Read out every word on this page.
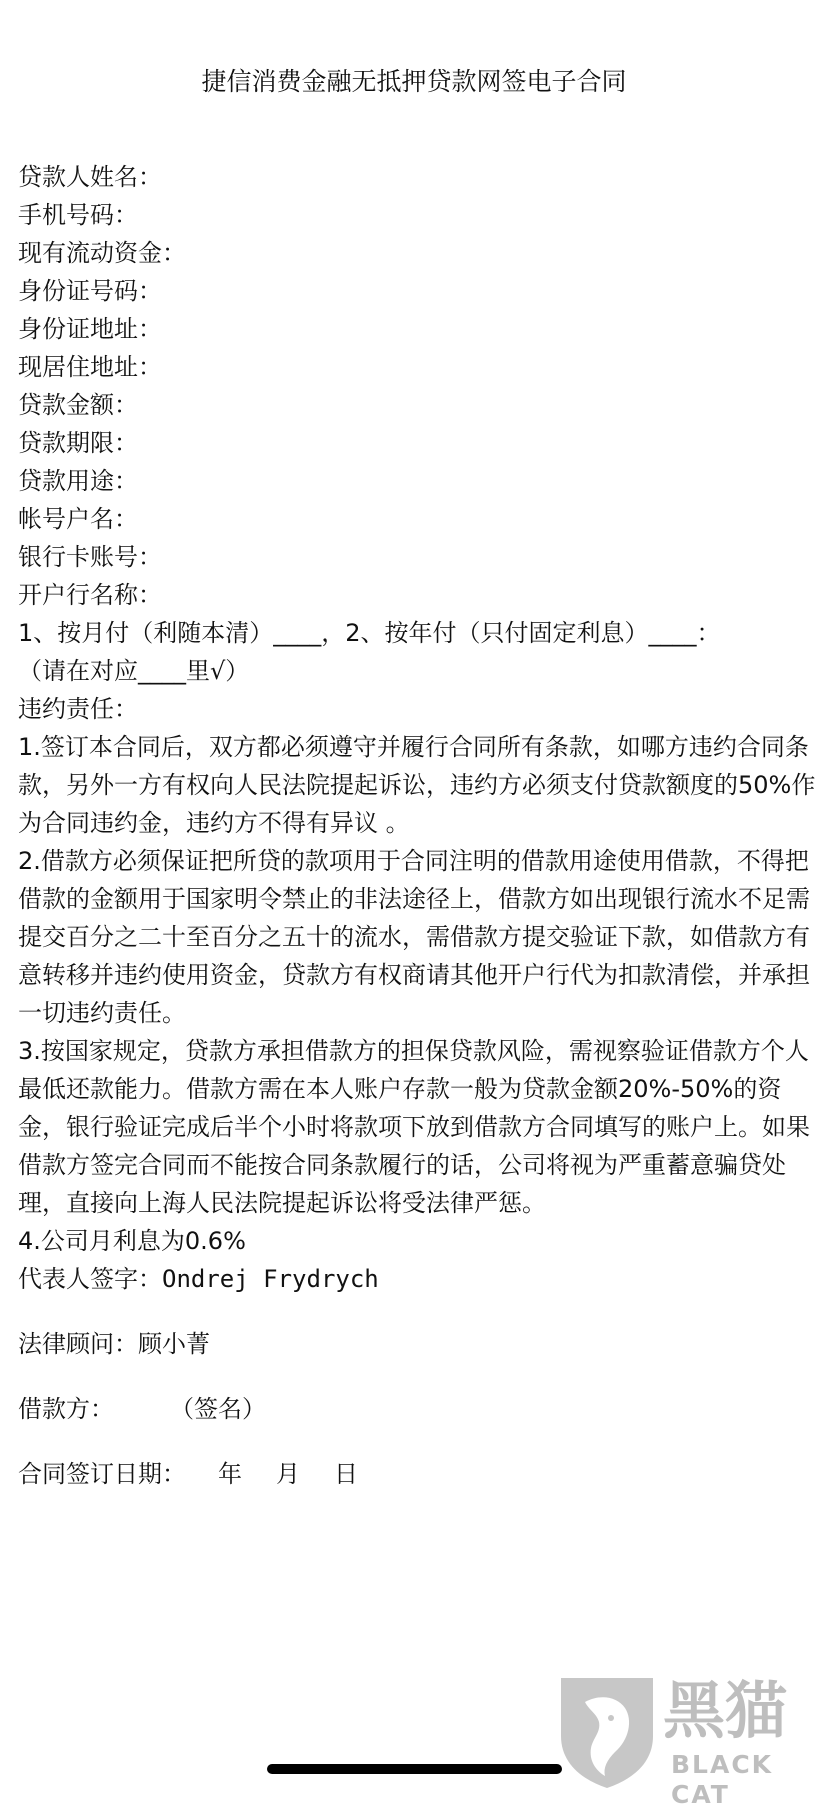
捷信消费金融无抵押贷款网签电子合同
贷款人姓名：
手机号码：
现有流动资金：
身份证号码：
身份证地址：
现居住地址：
贷款金额：
贷款期限：
贷款用途：
帐号户名：
银行卡账号：
开户行名称：
1、按月付（利随本清）____，2、按年付（只付固定利息）____：
（请在对应____里√）
违约责任：

1.签订本合同后，双方都必须遵守并履行合同所有条款，如哪方违约合同条款，另外一方有权向人民法院提起诉讼，违约方必须支付贷款额度的50%作为合同违约金，违约方不得有异议 。

2.借款方必须保证把所贷的款项用于合同注明的借款用途使用借款，不得把借款的金额用于国家明令禁止的非法途径上，借款方如出现银行流水不足需提交百分之二十至百分之五十的流水，需借款方提交验证下款，如借款方有意转移并违约使用资金，贷款方有权商请其他开户行代为扣款清偿，并承担一切违约责任。

3.按国家规定，贷款方承担借款方的担保贷款风险，需视察验证借款方个人最低还款能力。借款方需在本人账户存款一般为贷款金额20%-50%的资金，银行验证完成后半个小时将款项下放到借款方合同填写的账户上。如果借款方签完合同而不能按合同条款履行的话，公司将视为严重蓄意骗贷处理，直接向上海人民法院提起诉讼将受法律严惩。

4.公司月利息为0.6%

代表人签字：Ondrej Frydrych
法律顾问：顾小菁
借款方： （签名）
合同签订日期： 年 月 日
黑猫
BLACK CAT
